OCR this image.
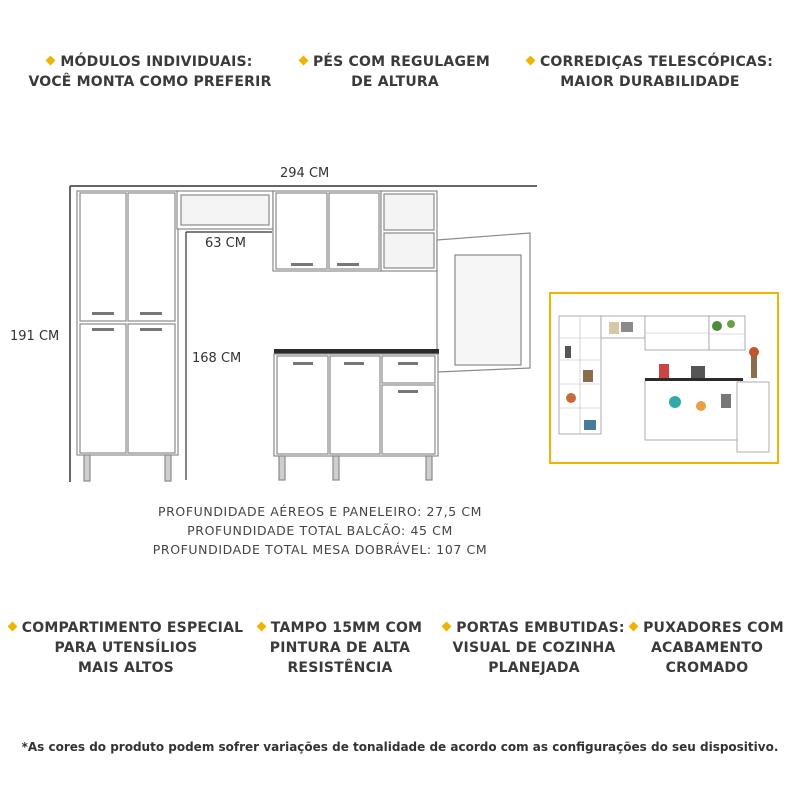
MÓDULOS INDIVIDUAIS:
VOCÊ MONTA COMO PREFERIR
PÉS COM REGULAGEM
DE ALTURA
CORREDIÇAS TELESCÓPICAS:
MAIOR DURABILIDADE
294 CM
191 CM
63 CM
168 CM
PROFUNDIDADE AÉREOS E PANELEIRO: 27,5 CM
PROFUNDIDADE TOTAL BALCÃO: 45 CM
PROFUNDIDADE TOTAL MESA DOBRÁVEL: 107 CM
COMPARTIMENTO ESPECIAL
PARA UTENSÍLIOS
MAIS ALTOS
TAMPO 15MM COM
PINTURA DE ALTA
RESISTÊNCIA
PORTAS EMBUTIDAS:
VISUAL DE COZINHA
PLANEJADA
PUXADORES COM
ACABAMENTO
CROMADO
*As cores do produto podem sofrer variações de tonalidade de acordo com as configurações do seu dispositivo.
